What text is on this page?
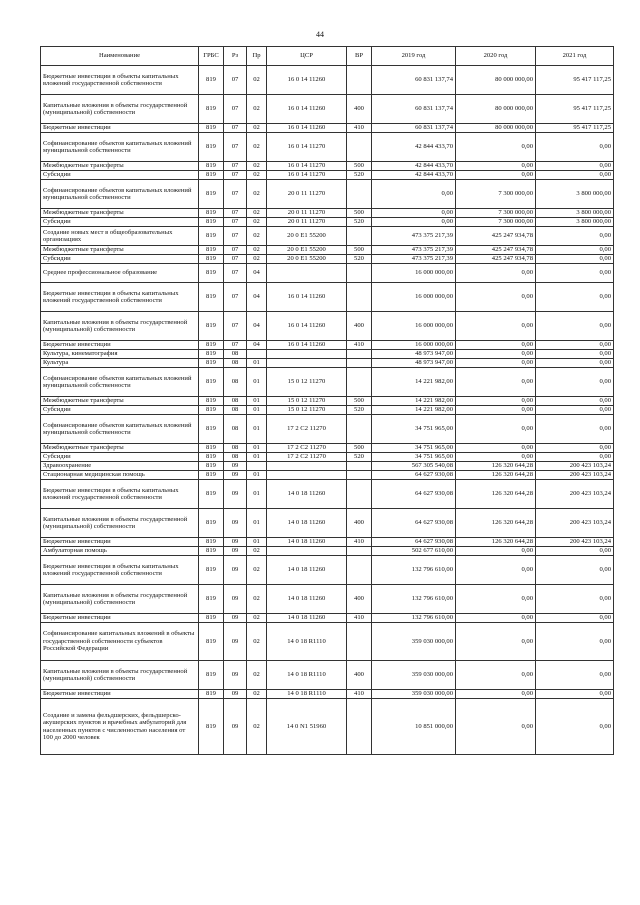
44
Наименование	ГРБС	Рз	Пр	ЦСР	ВР	2019 год	2020 год	2021 год
Бюджетные инвестиции в объекты капитальных вложений государственной собственности	819	07	02	16 0 14 11260		60 831 137,74	80 000 000,00	95 417 117,25
Капитальные вложения в объекты государственной (муниципальной) собственности	819	07	02	16 0 14 11260	400	60 831 137,74	80 000 000,00	95 417 117,25
Бюджетные инвестиции	819	07	02	16 0 14 11260	410	60 831 137,74	80 000 000,00	95 417 117,25
Софинансирование объектов капитальных вложений муниципальной собственности	819	07	02	16 0 14 11270		42 844 433,70	0,00	0,00
Межбюджетные трансферты	819	07	02	16 0 14 11270	500	42 844 433,70	0,00	0,00
Субсидии	819	07	02	16 0 14 11270	520	42 844 433,70	0,00	0,00
Софинансирование объектов капитальных вложений муниципальной собственности	819	07	02	20 0 11 11270		0,00	7 300 000,00	3 800 000,00
Межбюджетные трансферты	819	07	02	20 0 11 11270	500	0,00	7 300 000,00	3 800 000,00
Субсидии	819	07	02	20 0 11 11270	520	0,00	7 300 000,00	3 800 000,00
Создание новых мест в общеобразовательных организациях	819	07	02	20 0 E1 55200		473 375 217,39	425 247 934,78	0,00
Межбюджетные трансферты	819	07	02	20 0 E1 55200	500	473 375 217,39	425 247 934,78	0,00
Субсидии	819	07	02	20 0 E1 55200	520	473 375 217,39	425 247 934,78	0,00
Среднее профессиональное образование	819	07	04			16 000 000,00	0,00	0,00
Бюджетные инвестиции в объекты капитальных вложений государственной собственности	819	07	04	16 0 14 11260		16 000 000,00	0,00	0,00
Капитальные вложения в объекты государственной (муниципальной) собственности	819	07	04	16 0 14 11260	400	16 000 000,00	0,00	0,00
Бюджетные инвестиции	819	07	04	16 0 14 11260	410	16 000 000,00	0,00	0,00
Культура, кинематография	819	08				48 973 947,00	0,00	0,00
Культура	819	08	01			48 973 947,00	0,00	0,00
Софинансирование объектов капитальных вложений муниципальной собственности	819	08	01	15 0 12 11270		14 221 982,00	0,00	0,00
Межбюджетные трансферты	819	08	01	15 0 12 11270	500	14 221 982,00	0,00	0,00
Субсидии	819	08	01	15 0 12 11270	520	14 221 982,00	0,00	0,00
Софинансирование объектов капитальных вложений муниципальной собственности	819	08	01	17 2 C2 11270		34 751 965,00	0,00	0,00
Межбюджетные трансферты	819	08	01	17 2 C2 11270	500	34 751 965,00	0,00	0,00
Субсидии	819	08	01	17 2 C2 11270	520	34 751 965,00	0,00	0,00
Здравоохранение	819	09				567 305 540,08	126 320 644,28	200 423 103,24
Стационарная медицинская помощь	819	09	01			64 627 930,08	126 320 644,28	200 423 103,24
Бюджетные инвестиции в объекты капитальных вложений государственной собственности	819	09	01	14 0 18 11260		64 627 930,08	126 320 644,28	200 423 103,24
Капитальные вложения в объекты государственной (муниципальной) собственности	819	09	01	14 0 18 11260	400	64 627 930,08	126 320 644,28	200 423 103,24
Бюджетные инвестиции	819	09	01	14 0 18 11260	410	64 627 930,08	126 320 644,28	200 423 103,24
Амбулаторная помощь	819	09	02			502 677 610,00	0,00	0,00
Бюджетные инвестиции в объекты капитальных вложений государственной собственности	819	09	02	14 0 18 11260		132 796 610,00	0,00	0,00
Капитальные вложения в объекты государственной (муниципальной) собственности	819	09	02	14 0 18 11260	400	132 796 610,00	0,00	0,00
Бюджетные инвестиции	819	09	02	14 0 18 11260	410	132 796 610,00	0,00	0,00
Софинансирование капитальных вложений в объекты государственной собственности субъектов Российской Федерации	819	09	02	14 0 18 R1110		359 030 000,00	0,00	0,00
Капитальные вложения в объекты государственной (муниципальной) собственности	819	09	02	14 0 18 R1110	400	359 030 000,00	0,00	0,00
Бюджетные инвестиции	819	09	02	14 0 18 R1110	410	359 030 000,00	0,00	0,00
Создание и замена фельдшерских, фельдшерско-акушерских пунктов и врачебных амбулаторий для населенных пунктов с численностью населения от 100 до 2000 человек	819	09	02	14 0 N1 51960		10 851 000,00	0,00	0,00
